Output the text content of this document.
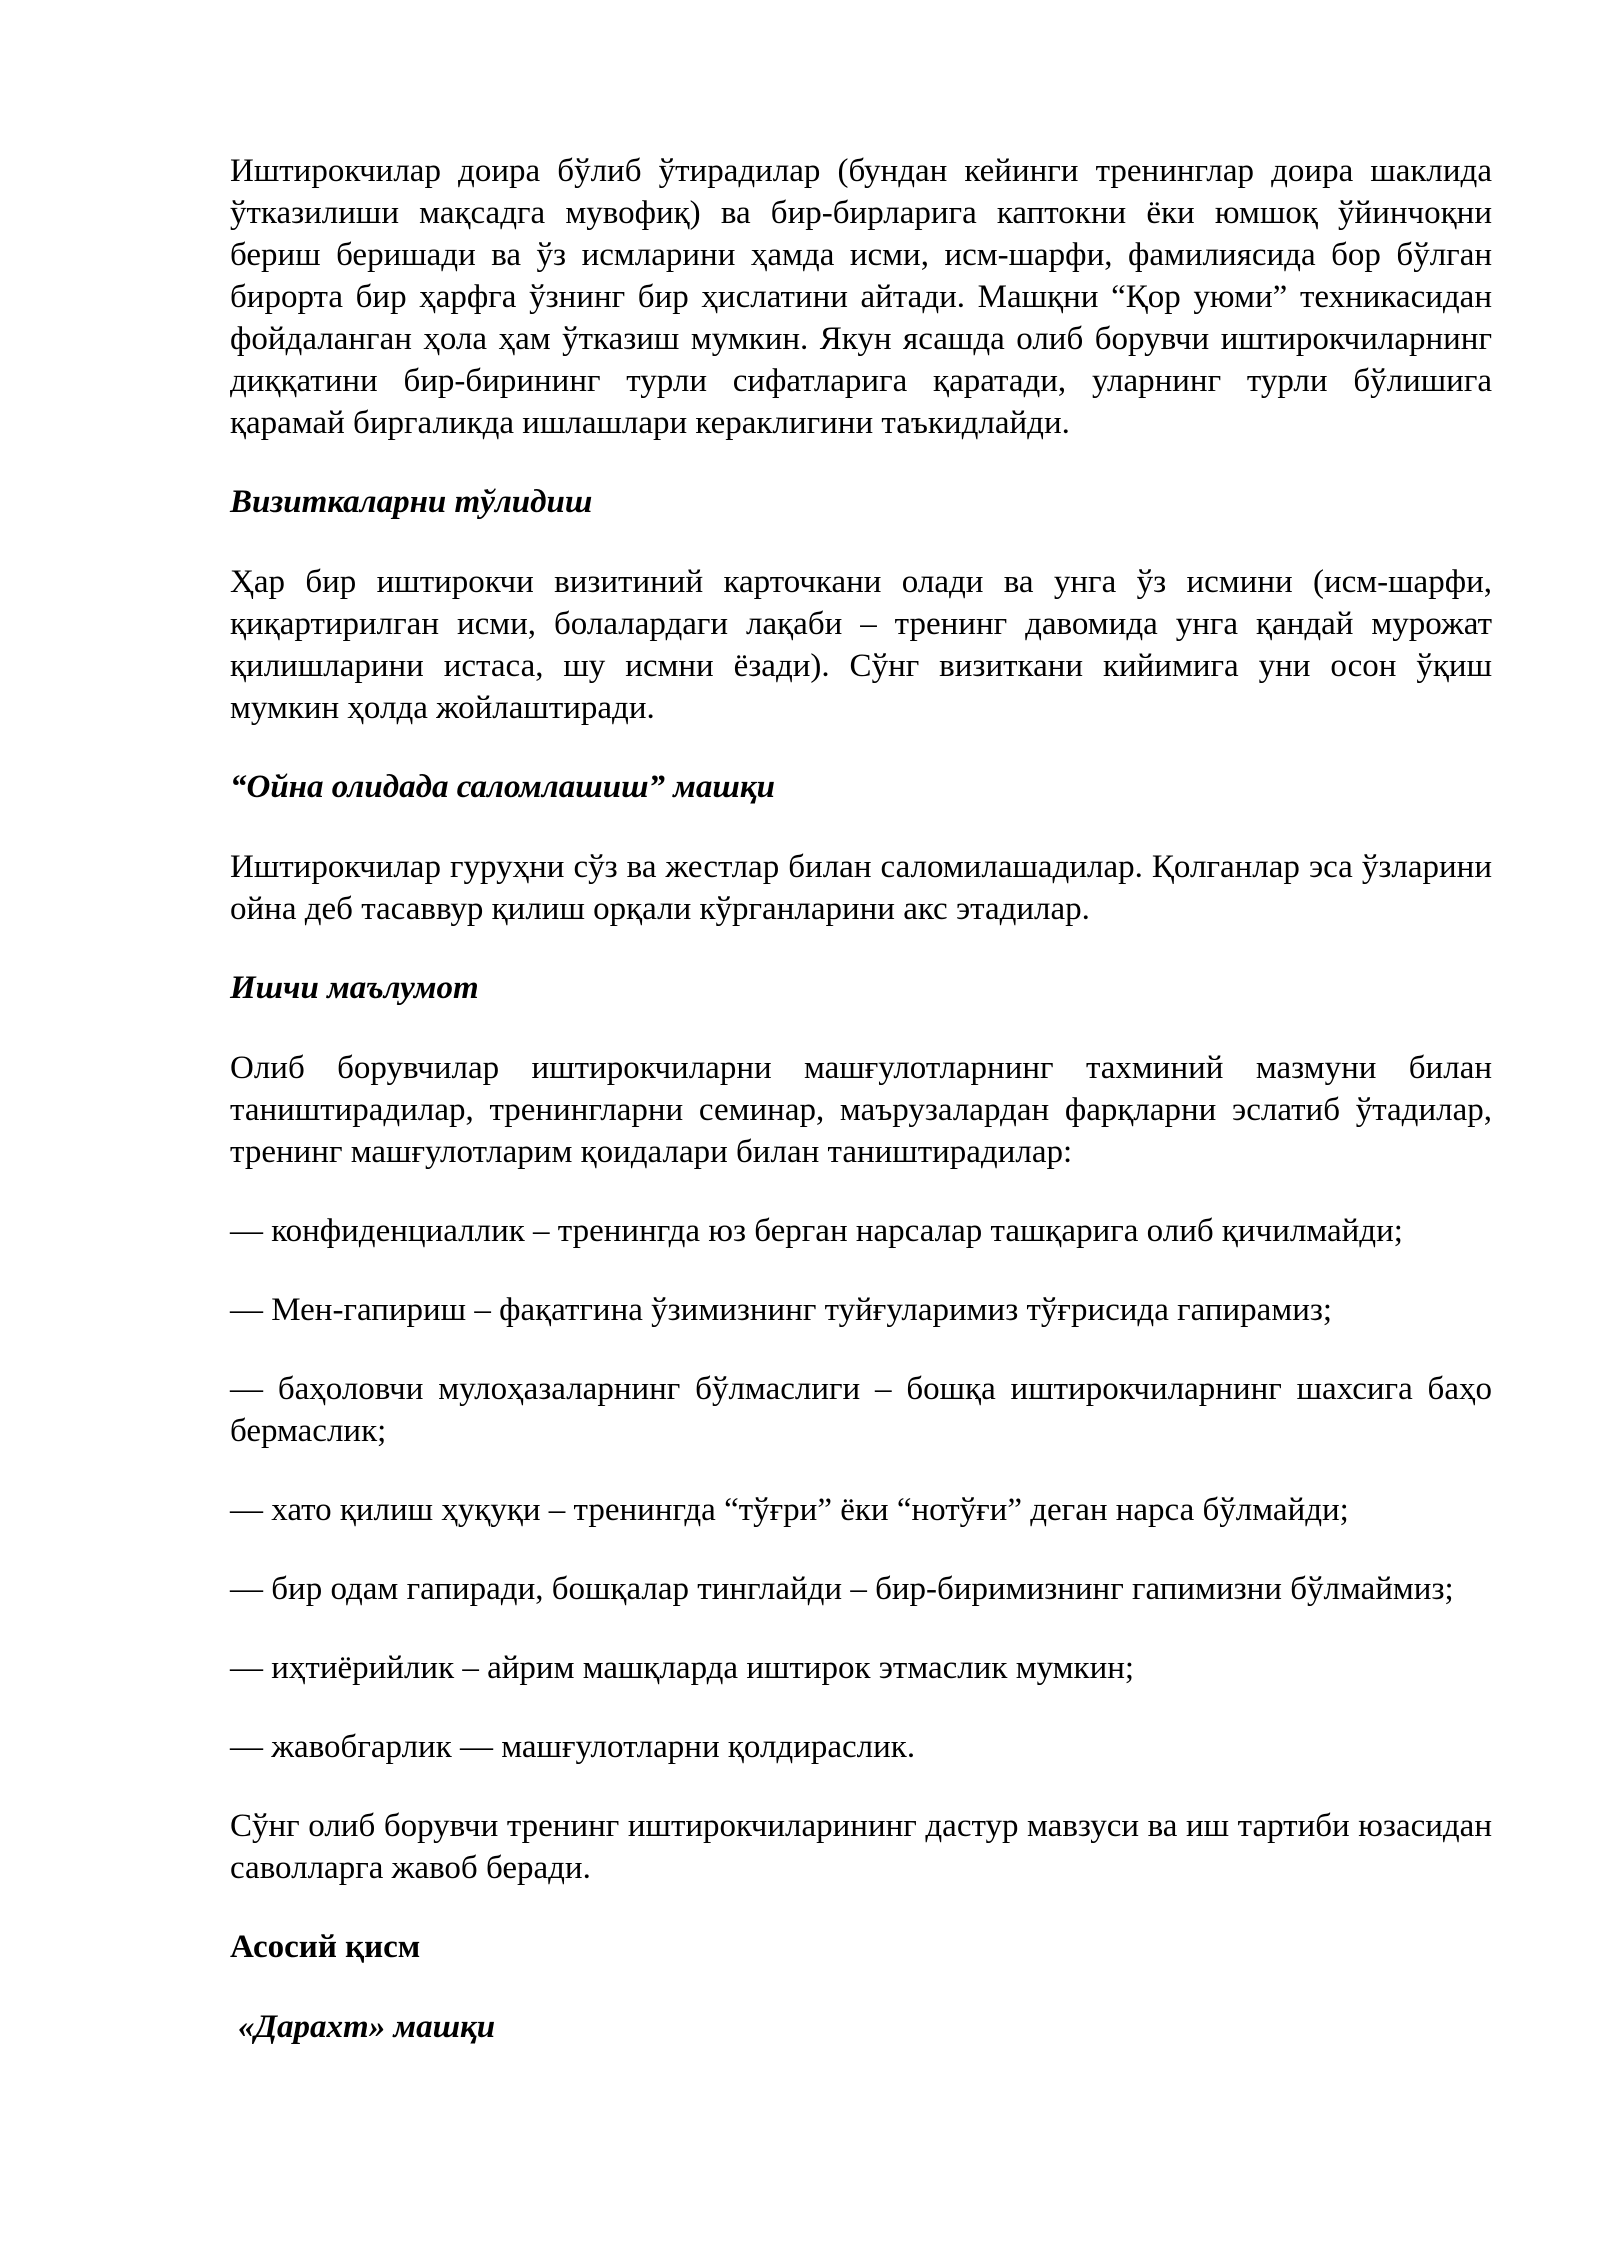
Иштирокчилар доира бўлиб ўтирадилар (бундан кейинги тренинглар доира шаклида ўтказилиши мақсадга мувофиқ) ва бир-бирларига каптокни ёки юмшоқ ўйинчоқни бериш беришади ва ўз исмларини ҳамда исми, исм-шарфи, фамилиясида бор бўлган бирорта бир ҳарфга ўзнинг бир ҳислатини айтади. Машқни “Қор уюми” техникасидан фойдаланган ҳола ҳам ўтказиш мумкин. Якун ясашда олиб борувчи иштирокчиларнинг диққатини бир-бирининг турли сифатларига қаратади, уларнинг турли бўлишига қарамай биргаликда ишлашлари кераклигини таъкидлайди.

Визиткаларни тўлидиш

Ҳар бир иштирокчи визитиний карточкани олади ва унга ўз исмини (исм-шарфи, қиқартирилган исми, болалардаги лақаби – тренинг давомида унга қандай мурожат қилишларини истаса, шу исмни ёзади). Сўнг визиткани кийимига уни осон ўқиш мумкин ҳолда жойлаштиради.

“Ойна олидада саломлашиш” машқи

Иштирокчилар гуруҳни сўз ва жестлар билан саломилашадилар. Қолганлар эса ўзларини ойна деб тасаввур қилиш орқали кўрганларини акс этадилар.

Ишчи маълумот

Олиб борувчилар иштирокчиларни машғулотларнинг тахминий мазмуни билан таништирадилар, тренингларни семинар, маърузалардан фарқларни эслатиб ўтадилар, тренинг машғулотларим қоидалари билан таништирадилар:

— конфиденциаллик – тренингда юз берган нарсалар ташқарига олиб қичилмайди;

— Мен-гапириш – фақатгина ўзимизнинг туйғуларимиз тўғрисида гапирамиз;

— баҳоловчи мулоҳазаларнинг бўлмаслиги – бошқа иштирокчиларнинг шахсига баҳо бермаслик;

— хато қилиш ҳуқуқи – тренингда “тўғри” ёки “нотўғи” деган нарса бўлмайди;

— бир одам гапиради, бошқалар тинглайди – бир-биримизнинг гапимизни бўлмаймиз;

— иҳтиёрийлик – айрим машқларда иштирок этмаслик мумкин;

— жавобгарлик — машғулотларни қолдираслик.

Сўнг олиб борувчи тренинг иштирокчиларининг дастур мавзуси ва иш тартиби юзасидан саволларга жавоб беради.

Асосий қисм

«Дарахт» машқи
